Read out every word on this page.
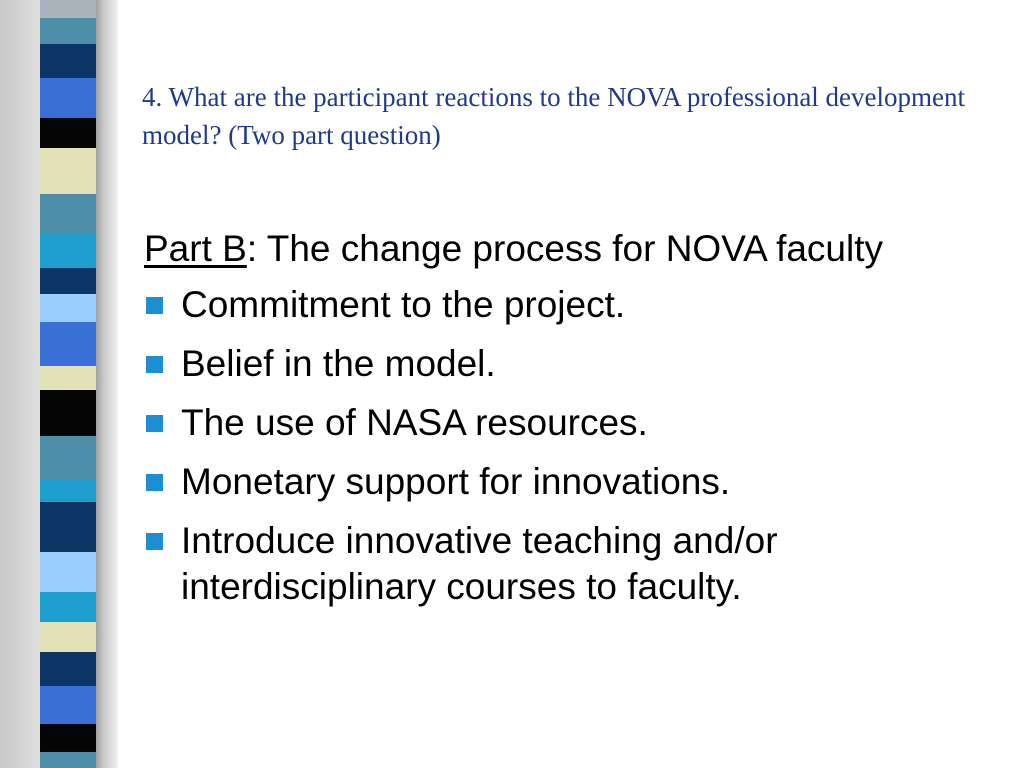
4. What are the participant reactions to the NOVA professional development model? (Two part question)

Part B: The change process for NOVA faculty

Commitment to the project.
Belief in the model.
The use of NASA resources.
Monetary support for innovations.
Introduce innovative teaching and/or interdisciplinary courses to faculty.
